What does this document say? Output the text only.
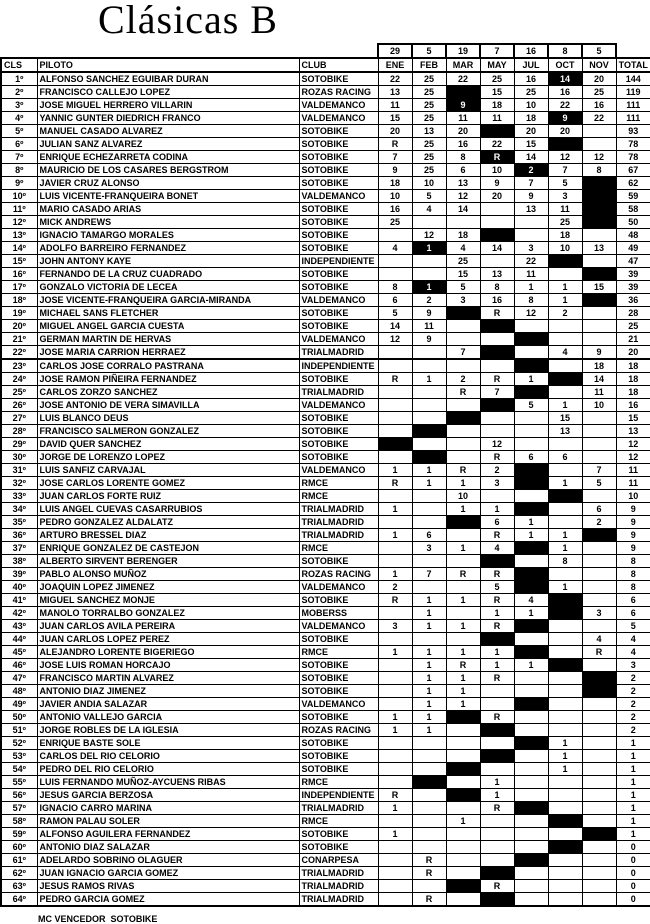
Clásicas B
			29	5	19	7	16	8	5	
CLS	PILOTO	CLUB	ENE	FEB	MAR	MAY	JUL	OCT	NOV	TOTAL
1º	ALFONSO SANCHEZ EGUIBAR DURAN	SOTOBIKE	22	25	22	25	16	14	20	144
2º	FRANCISCO CALLEJO LOPEZ	ROZAS RACING	13	25		15	25	16	25	119
3º	JOSE MIGUEL HERRERO VILLARIN	VALDEMANCO	11	25	9	18	10	22	16	111
4º	YANNIC GUNTER DIEDRICH FRANCO	VALDEMANCO	15	25	11	11	18	9	22	111
5º	MANUEL CASADO ALVAREZ	SOTOBIKE	20	13	20		20	20		93
6º	JULIAN SANZ ALVAREZ	SOTOBIKE	R	25	16	22	15			78
7º	ENRIQUE ECHEZARRETA CODINA	SOTOBIKE	7	25	8	R	14	12	12	78
8º	MAURICIO DE LOS CASARES BERGSTROM	SOTOBIKE	9	25	6	10	2	7	8	67
9º	JAVIER CRUZ ALONSO	SOTOBIKE	18	10	13	9	7	5		62
10º	LUIS VICENTE-FRANQUEIRA BONET	VALDEMANCO	10	5	12	20	9	3		59
11º	MARIO CASADO ARIAS	SOTOBIKE	16	4	14		13	11		58
12º	MICK ANDREWS	SOTOBIKE	25					25		50
13º	IGNACIO TAMARGO MORALES	SOTOBIKE		12	18			18		48
14º	ADOLFO BARREIRO FERNANDEZ	SOTOBIKE	4	1	4	14	3	10	13	49
15º	JOHN ANTONY KAYE	INDEPENDIENTE			25		22			47
16º	FERNANDO DE LA CRUZ CUADRADO	SOTOBIKE			15	13	11			39
17º	GONZALO VICTORIA DE LECEA	SOTOBIKE	8	1	5	8	1	1	15	39
18º	JOSE VICENTE-FRANQUEIRA GARCIA-MIRANDA	VALDEMANCO	6	2	3	16	8	1		36
19º	MICHAEL SANS FLETCHER	SOTOBIKE	5	9		R	12	2		28
20º	MIGUEL ANGEL GARCIA CUESTA	SOTOBIKE	14	11						25
21º	GERMAN MARTIN DE HERVAS	VALDEMANCO	12	9						21
22º	JOSE MARIA CARRION HERRAEZ	TRIALMADRID			7			4	9	20
23º	CARLOS JOSE CORRALO PASTRANA	INDEPENDIENTE							18	18
24º	JOSE RAMON PIÑEIRA FERNANDEZ	SOTOBIKE	R	1	2	R	1		14	18
25º	CARLOS ZORZO SANCHEZ	TRIALMADRID			R	7			11	18
26º	JOSE ANTONIO DE VERA SIMAVILLA	VALDEMANCO					5	1	10	16
27º	LUIS BLANCO DEUS	SOTOBIKE						15		15
28º	FRANCISCO SALMERON GONZALEZ	SOTOBIKE						13		13
29º	DAVID QUER SANCHEZ	SOTOBIKE				12				12
30º	JORGE DE LORENZO LOPEZ	SOTOBIKE				R	6	6		12
31º	LUIS SANFIZ CARVAJAL	VALDEMANCO	1	1	R	2			7	11
32º	JOSE CARLOS LORENTE GOMEZ	RMCE	R	1	1	3		1	5	11
33º	JUAN CARLOS FORTE RUIZ	RMCE			10					10
34º	LUIS ANGEL CUEVAS CASARRUBIOS	TRIALMADRID	1		1	1			6	9
35º	PEDRO GONZALEZ ALDALATZ	TRIALMADRID				6	1		2	9
36º	ARTURO BRESSEL DIAZ	TRIALMADRID	1	6		R	1	1		9
37º	ENRIQUE GONZALEZ DE CASTEJON	RMCE		3	1	4		1		9
38º	ALBERTO SIRVENT BERENGER	SOTOBIKE						8		8
39º	PABLO ALONSO MUÑOZ	ROZAS RACING	1	7	R	R				8
40º	JOAQUIN LOPEZ JIMENEZ	VALDEMANCO	2			5		1		8
41º	MIGUEL SANCHEZ MONJE	SOTOBIKE	R	1	1	R	4			6
42º	MANOLO TORRALBO GONZALEZ	MOBERSS		1		1	1		3	6
43º	JUAN CARLOS AVILA PEREIRA	VALDEMANCO	3	1	1	R				5
44º	JUAN CARLOS LOPEZ PEREZ	SOTOBIKE							4	4
45º	ALEJANDRO LORENTE BIGERIEGO	RMCE	1	1	1	1			R	4
46º	JOSE LUIS ROMAN HORCAJO	SOTOBIKE		1	R	1	1			3
47º	FRANCISCO MARTIN ALVAREZ	SOTOBIKE		1	1	R				2
48º	ANTONIO DIAZ JIMENEZ	SOTOBIKE		1	1					2
49º	JAVIER ANDIA SALAZAR	VALDEMANCO		1	1					2
50º	ANTONIO VALLEJO GARCIA	SOTOBIKE	1	1		R				2
51º	JORGE ROBLES DE LA IGLESIA	ROZAS RACING	1	1						2
52º	ENRIQUE BASTE SOLE	SOTOBIKE						1		1
53º	CARLOS DEL RIO CELORIO	SOTOBIKE						1		1
54º	PEDRO DEL RIO CELORIO	SOTOBIKE						1		1
55º	LUIS FERNANDO MUÑOZ-AYCUENS RIBAS	RMCE				1				1
56º	JESUS GARCIA BERZOSA	INDEPENDIENTE	R			1				1
57º	IGNACIO CARRO MARINA	TRIALMADRID	1			R				1
58º	RAMON PALAU SOLER	RMCE			1					1
59º	ALFONSO AGUILERA FERNANDEZ	SOTOBIKE	1							1
60º	ANTONIO DIAZ SALAZAR	SOTOBIKE								0
61º	ADELARDO SOBRINO OLAGUER	CONARPESA		R						0
62º	JUAN IGNACIO GARCIA GOMEZ	TRIALMADRID		R						0
63º	JESUS RAMOS RIVAS	TRIALMADRID				R				0
64º	PEDRO GARCIA GOMEZ	TRIALMADRID		R						0
MC VENCEDOR  SOTOBIKE
